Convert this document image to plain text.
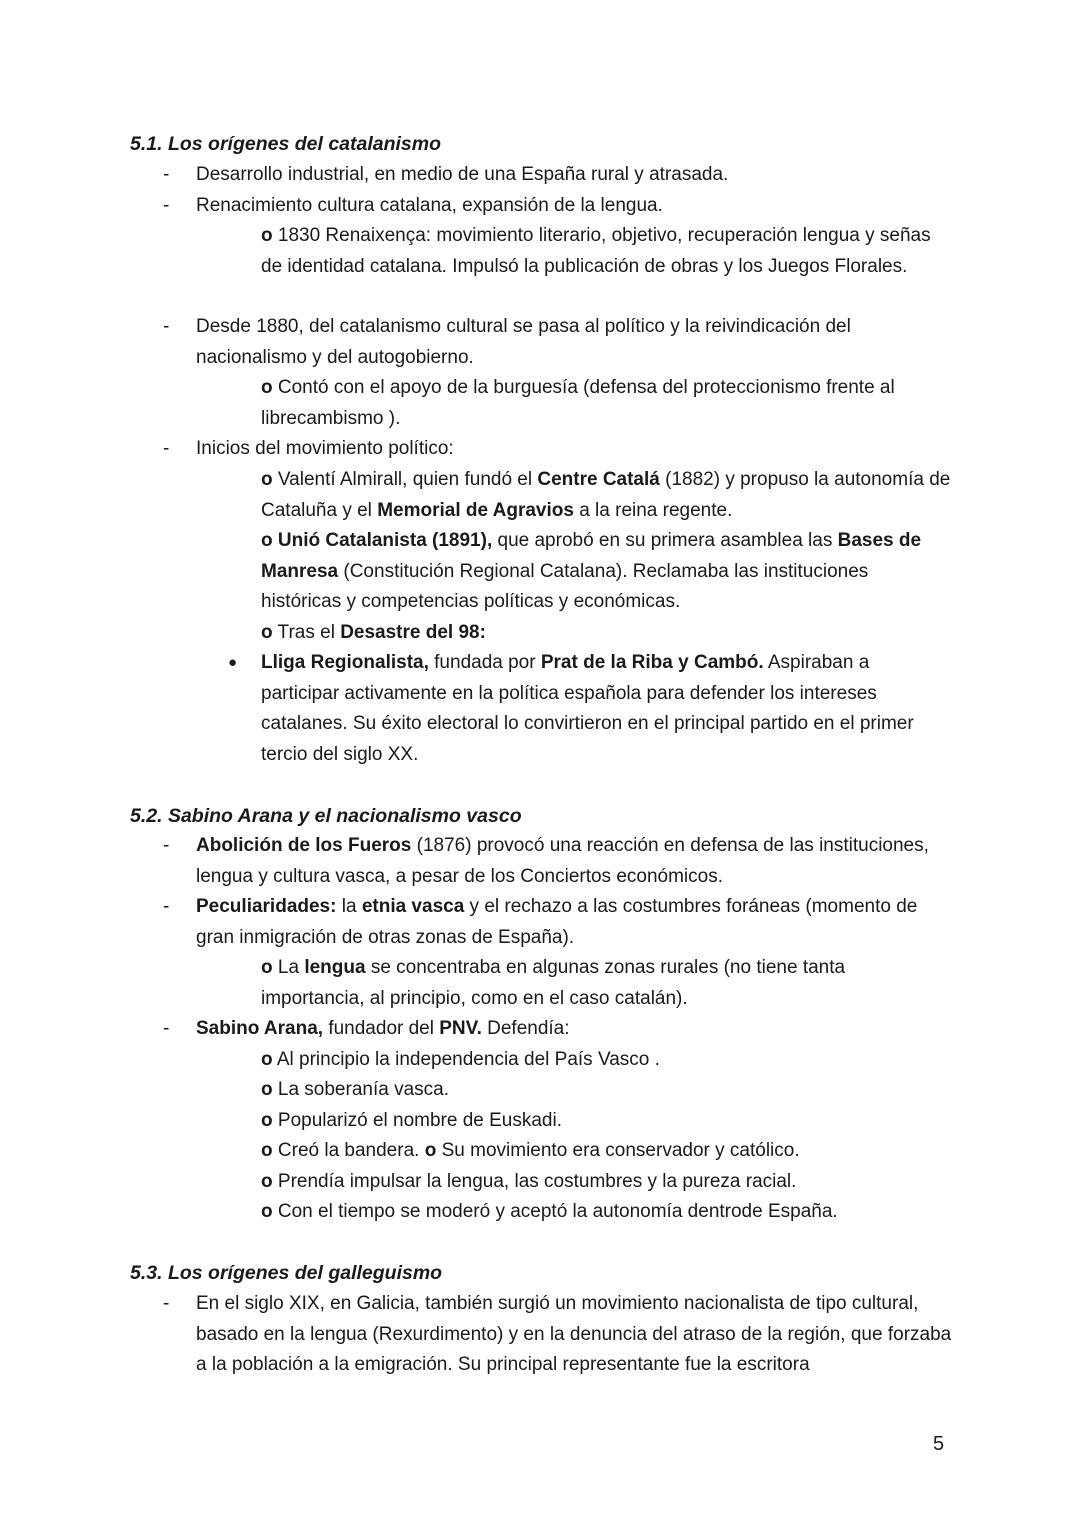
5.1. Los orígenes del catalanismo
- Desarrollo industrial, en medio de una España rural y atrasada.
- Renacimiento cultura catalana, expansión de la lengua.
o 1830 Renaixença: movimiento literario, objetivo, recuperación lengua y señas de identidad catalana. Impulsó la publicación de obras y los Juegos Florales.
- Desde 1880, del catalanismo cultural se pasa al político y la reivindicación del nacionalismo y del autogobierno.
o Contó con el apoyo de la burguesía (defensa del proteccionismo frente al librecambismo ).
- Inicios del movimiento político:
o Valentí Almirall, quien fundó el Centre Catalá (1882) y propuso la autonomía de Cataluña y el Memorial de Agravios a la reina regente.
o Unió Catalanista (1891), que aprobó en su primera asamblea las Bases de Manresa (Constitución Regional Catalana). Reclamaba las instituciones históricas y competencias políticas y económicas.
o Tras el Desastre del 98:
● Lliga Regionalista, fundada por Prat de la Riba y Cambó. Aspiraban a participar activamente en la política española para defender los intereses catalanes. Su éxito electoral lo convirtieron en el principal partido en el primer tercio del siglo XX.
5.2. Sabino Arana y el nacionalismo vasco
- Abolición de los Fueros (1876) provocó una reacción en defensa de las instituciones, lengua y cultura vasca, a pesar de los Conciertos económicos.
- Peculiaridades: la etnia vasca y el rechazo a las costumbres foráneas (momento de gran inmigración de otras zonas de España).
o La lengua se concentraba en algunas zonas rurales (no tiene tanta importancia, al principio, como en el caso catalán).
- Sabino Arana, fundador del PNV. Defendía:
o Al principio la independencia del País Vasco .
o La soberanía vasca.
o Popularizó el nombre de Euskadi.
o Creó la bandera. o Su movimiento era conservador y católico.
o Prendía impulsar la lengua, las costumbres y la pureza racial.
o Con el tiempo se moderó y aceptó la autonomía dentrode España.
5.3. Los orígenes del galleguismo
- En el siglo XIX, en Galicia, también surgió un movimiento nacionalista de tipo cultural, basado en la lengua (Rexurdimento) y en la denuncia del atraso de la región, que forzaba a la población a la emigración. Su principal representante fue la escritora
5
